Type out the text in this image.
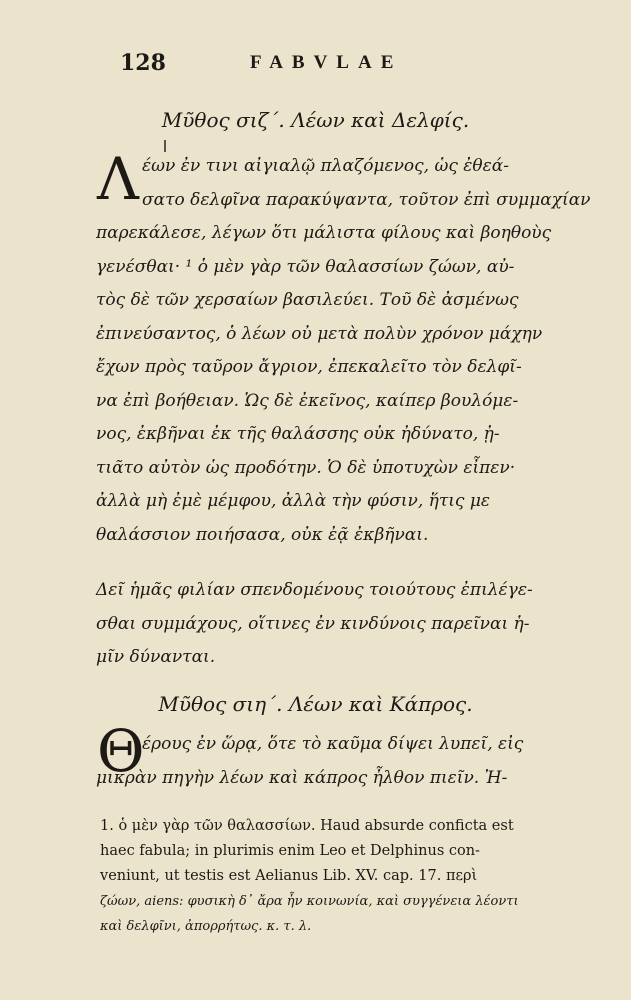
128	FABVLAE
Μῦθος σιζ΄. Λέων καὶ Δελφίς.
Λ έων ἐν τινι αἰγιαλῷ πλαζόμενος, ὡς ἐθεά-
σατο δελφῖνα παρακύψαντα, τοῦτον ἐπὶ συμμαχίαν
παρεκάλεσε, λέγων ὅτι μάλιστα φίλους καὶ βοηθοὺς
γενέσθαι· ¹ ὁ μὲν γὰρ τῶν θαλασσίων ζώων, αὐ-
τὸς δὲ τῶν χερσαίων βασιλεύει. Τοῦ δὲ ἀσμένως
ἐπινεύσαντος, ὁ λέων οὐ μετὰ πολὺν χρόνον μάχην
ἔχων πρὸς ταῦρον ἄγριον, ἐπεκαλεῖτο τὸν δελφῖ-
να ἐπὶ βοήθειαν. Ὡς δὲ ἐκεῖνος, καίπερ βουλόμε-
νος, ἐκβῆναι ἐκ τῆς θαλάσσης οὐκ ἠδύνατο, ᾐ-
τιᾶτο αὐτὸν ὡς προδότην. Ὁ δὲ ὑποτυχὼν εἶπεν·
ἀλλὰ μὴ ἐμὲ μέμφου, ἀλλὰ τὴν φύσιν, ἥτις με
θαλάσσιον ποιήσασα, οὐκ ἐᾷ ἐκβῆναι.
Δεῖ ἡμᾶς φιλίαν σπενδομένους τοιούτους ἐπιλέγε-
σθαι συμμάχους, οἵτινες ἐν κινδύνοις παρεῖναι ἡ-
μῖν δύνανται.
Μῦθος σιη΄. Λέων καὶ Κάπρος.
Θ
έρους ἐν ὥρᾳ, ὅτε τὸ καῦμα δίψει λυπεῖ, εἰς
μικρὰν πηγὴν λέων καὶ κάπρος ἦλθον πιεῖν. Ἠ-
1. ὁ μὲν γὰρ τῶν θαλασσίων. Haud absurde conficta est
haec fabula; in plurimis enim Leo et Delphinus con-
veniunt, ut testis est Aelianus Lib. XV. cap. 17. περὶ
ζώων, aiens: φυσικὴ δ᾽ ἄρα ἦν κοινωνία, καὶ συγγένεια λέοντι
καὶ δελφῖνι, ἀπορρήτως. κ. τ. λ.
